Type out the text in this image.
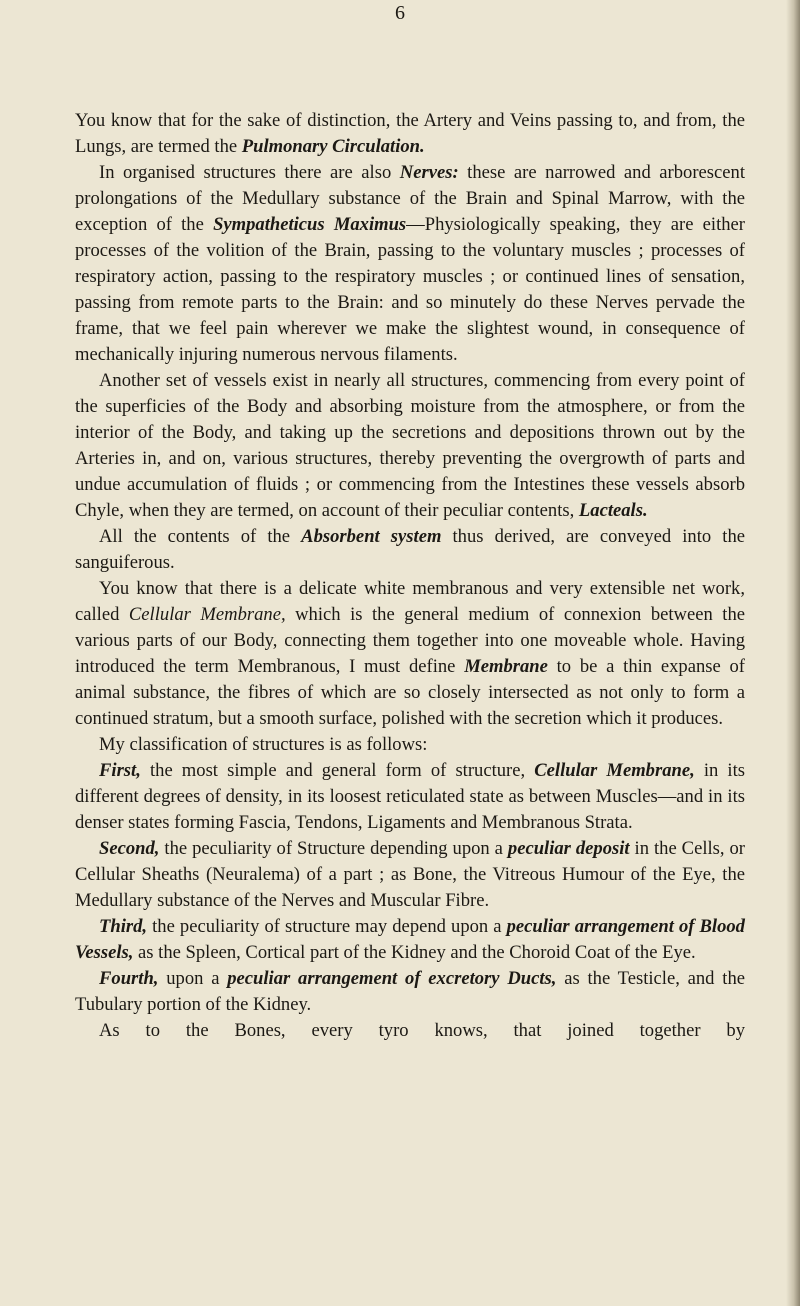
6

You know that for the sake of distinction, the Artery and Veins passing to, and from, the Lungs, are termed the Pulmonary Circulation.

In organised structures there are also Nerves: these are narrowed and arborescent prolongations of the Medullary substance of the Brain and Spinal Marrow, with the exception of the Sympatheticus Maximus—Physiologically speaking, they are either processes of the volition of the Brain, passing to the voluntary muscles ; processes of respiratory action, passing to the respiratory muscles ; or continued lines of sensation, passing from remote parts to the Brain: and so minutely do these Nerves pervade the frame, that we feel pain wherever we make the slightest wound, in consequence of mechanically injuring numerous nervous filaments.

Another set of vessels exist in nearly all structures, commencing from every point of the superficies of the Body and absorbing moisture from the atmosphere, or from the interior of the Body, and taking up the secretions and depositions thrown out by the Arteries in, and on, various structures, thereby preventing the overgrowth of parts and undue accumulation of fluids ; or commencing from the Intestines these vessels absorb Chyle, when they are termed, on account of their peculiar contents, Lacteals.

All the contents of the Absorbent system thus derived, are conveyed into the sanguiferous.

You know that there is a delicate white membranous and very extensible net work, called Cellular Membrane, which is the general medium of connexion between the various parts of our Body, connecting them together into one moveable whole. Having introduced the term Membranous, I must define Membrane to be a thin expanse of animal substance, the fibres of which are so closely intersected as not only to form a continued stratum, but a smooth surface, polished with the secretion which it produces.

My classification of structures is as follows:

First, the most simple and general form of structure, Cellular Membrane, in its different degrees of density, in its loosest reticulated state as between Muscles—and in its denser states forming Fascia, Tendons, Ligaments and Membranous Strata.

Second, the peculiarity of Structure depending upon a peculiar deposit in the Cells, or Cellular Sheaths (Neuralema) of a part ; as Bone, the Vitreous Humour of the Eye, the Medullary substance of the Nerves and Muscular Fibre.

Third, the peculiarity of structure may depend upon a peculiar arrangement of Blood Vessels, as the Spleen, Cortical part of the Kidney and the Choroid Coat of the Eye.

Fourth, upon a peculiar arrangement of excretory Ducts, as the Testicle, and the Tubulary portion of the Kidney.

As to the Bones, every tyro knows, that joined together by
